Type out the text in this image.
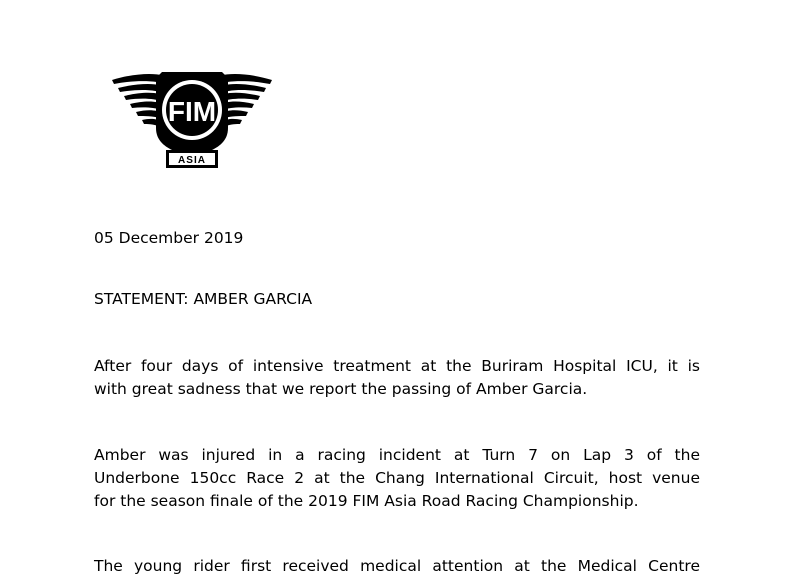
FIM
ASIA

05 December 2019

STATEMENT: AMBER GARCIA

After four days of intensive treatment at the Buriram Hospital ICU, it is
with great sadness that we report the passing of Amber Garcia.

Amber was injured in a racing incident at Turn 7 on Lap 3 of the
Underbone 150cc Race 2 at the Chang International Circuit, host venue
for the season finale of the 2019 FIM Asia Road Racing Championship.

The young rider first received medical attention at the Medical Centre
